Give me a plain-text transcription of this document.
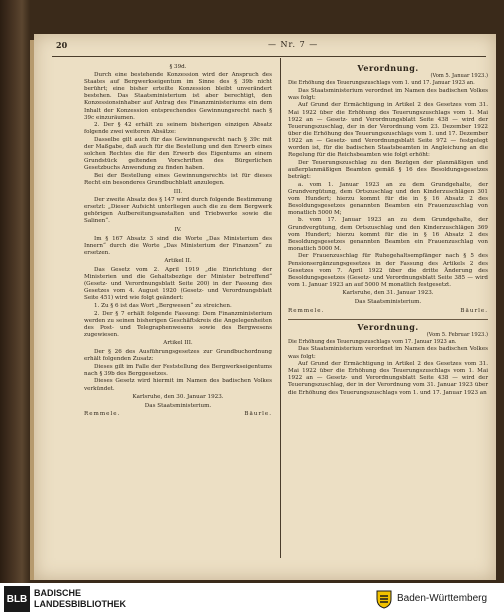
20	— Nr. 7 —

§ 39d.

Durch eine bestehende Konzession wird der Anspruch des Staates auf Bergwerkseigentum im Sinne des § 39b nicht berührt; eine bisher erteilte Konzession bleibt unverändert bestehen. Das Staatsministerium ist aber berechtigt, den Konzessionsinhaber auf Antrag des Finanzministeriums ein dem Inhalt der Konzession entsprechendes Gewinnungsrecht nach § 39c einzuräumen.

2. Der § 42 erhält zu seinem bisherigen einzigen Absatz folgende zwei weiteren Absätze:

Dasselbe gilt auch für das Gewinnungsrecht nach § 39c mit der Maßgabe, daß auch für die Bestellung und den Erwerb eines solchen Rechtes die für den Erwerb des Eigentums an einem Grundstück geltenden Vorschriften des Bürgerlichen Gesetzbuchs Anwendung zu finden haben.

Bei der Bestellung eines Gewinnungsrechts ist für dieses Recht ein besonderes Grundbuchblatt anzulegen.

III.

Der zweite Absatz des § 147 wird durch folgende Bestimmung ersetzt: „Dieser Aufsicht unterliegen auch die zu dem Bergwerk gehörigen Aufbereitungsanstalten und Triebwerke sowie die Salinen“.

IV.

Im § 167 Absatz 3 sind die Worte „Das Ministerium des Innern“ durch die Worte „Das Ministerium der Finanzen“ zu ersetzen.

Artikel II.

Das Gesetz vom 2. April 1919 „die Einrichtung der Ministerien und die Gehaltsbezüge der Minister betreffend“ (Gesetz- und Verordnungsblatt Seite 200) in der Fassung des Gesetzes vom 4. August 1920 (Gesetz- und Verordnungsblatt Seite 451) wird wie folgt geändert:

1. Zu § 6 ist das Wort „Bergwesen“ zu streichen.

2. Der § 7 erhält folgende Fassung: Dem Finanzministerium werden zu seinen bisherigen Geschäftskreis die Angelegenheiten des Post- und Telegraphenwesens sowie des Bergwesens zugewiesen.

Artikel III.

Der § 26 des Ausführungsgesetzes zur Grundbuchordnung erhält folgenden Zusatz:

Dieses gilt im Falle der Feststellung des Bergwerkseigentums nach § 39b des Berggesetzes.

Dieses Gesetz wird hiermit im Namen des badischen Volkes verkündet.

Karlsruhe, den 30. Januar 1923.

Das Staatsministerium.

Remmele.	Bäurle.
Verordnung.
(Vom 5. Januar 1923.)

Die Erhöhung des Teuerungszuschlags vom 1. und 17. Januar 1923 an.

Das Staatsministerium verordnet im Namen des badischen Volkes was folgt:

Auf Grund der Ermächtigung in Artikel 2 des Gesetzes vom 31. Mai 1922 über die Erhöhung des Teuerungszuschlags vom 1. Mai 1922 an — Gesetz- und Verordnungsblatt Seite 438 — wird der Teuerungszuschlag, der in der Verordnung vom 23. Dezember 1922 über die Erhöhung des Teuerungszuschlags vom 1. und 17. Dezember 1922 an — Gesetz- und Verordnungsblatt Seite 972 — festgelegt worden ist, für die badischen Staatsbeamten in Angleichung an die Regelung für die Reichsbeamten wie folgt erhöht:

Der Teuerungszuschlag zu den Bezügen der planmäßigen und außerplanmäßigen Beamten gemäß § 16 des Besoldungsgesetzes beträgt:

a. vom 1. Januar 1923 an zu dem Grundgehalte, der Grundvergütung, dem Ortszuschlag und den Kinderzuschlägen 301 vom Hundert; hierzu kommt für die in § 16 Absatz 2 des Besoldungsgesetzes genannten Beamten ein Frauenzuschlag von monatlich 5000 M;

b. vom 17. Januar 1923 an zu dem Grundgehalte, der Grundvergütung, dem Ortszuschlag und den Kinderzuschlägen 369 vom Hundert; hierzu kommt für die in § 16 Absatz 2 des Besoldungsgesetzes genannten Beamten ein Frauenzuschlag von monatlich 5000 M.

Der Frauenzuschlag für Ruhegehaltsempfänger nach § 5 des Pensionsergänzungsgesetzes in der Fassung des Artikels 2 des Gesetzes vom 7. April 1922 über die dritte Änderung des Besoldungsgesetzes (Gesetz- und Verordnungsblatt Seite 385 — wird vom 1. Januar 1923 an auf 5000 M monatlich festgesetzt.

Karlsruhe, den 31. Januar 1923.

Das Staatsministerium.

Remmele.	Bäurle.
Verordnung.
(Vom 5. Februar 1923.)

Die Erhöhung des Teuerungszuschlags vom 17. Januar 1923 an.

Das Staatsministerium verordnet im Namen des badischen Volkes was folgt:

Auf Grund der Ermächtigung in Artikel 2 des Gesetzes vom 31. Mai 1922 über die Erhöhung des Teuerungszuschlags vom 1. Mai 1922 an — Gesetz- und Verordnungsblatt Seite 438 — wird der Teuerungszuschlag, der in der Verordnung vom 31. Januar 1923 über die Erhöhung des Teuerungszuschlags vom 1. und 17. Januar 1923 an

BLB
BADISCHE
LANDESBIBLIOTHEK	Baden-Württemberg
